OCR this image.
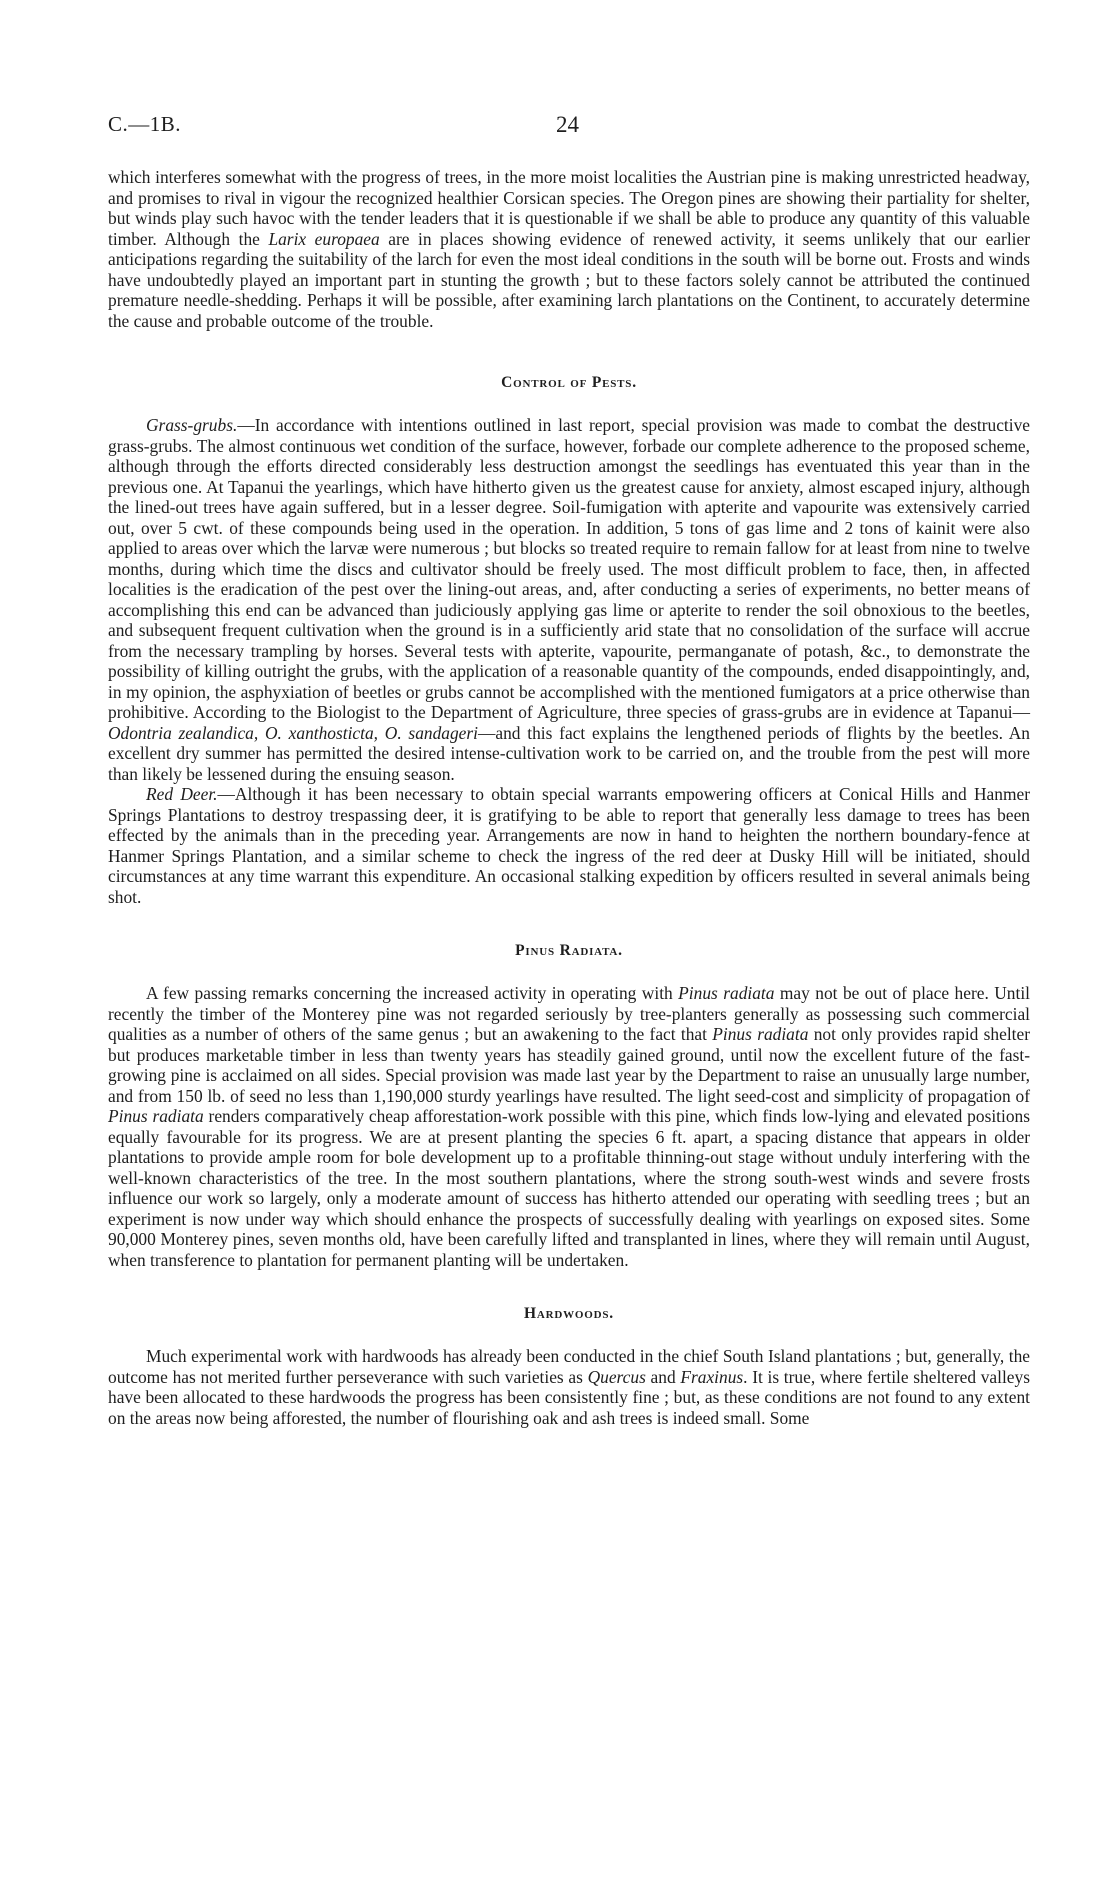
C.—1B.	24

which interferes somewhat with the progress of trees, in the more moist localities the Austrian pine is making unrestricted headway, and promises to rival in vigour the recognized healthier Corsican species. The Oregon pines are showing their partiality for shelter, but winds play such havoc with the tender leaders that it is questionable if we shall be able to produce any quantity of this valuable timber. Although the Larix europaea are in places showing evidence of renewed activity, it seems unlikely that our earlier anticipations regarding the suitability of the larch for even the most ideal conditions in the south will be borne out. Frosts and winds have undoubtedly played an important part in stunting the growth ; but to these factors solely cannot be attributed the continued premature needle-shedding. Perhaps it will be possible, after examining larch plantations on the Continent, to accurately determine the cause and probable outcome of the trouble.

Control of Pests.

Grass-grubs.—In accordance with intentions outlined in last report, special provision was made to combat the destructive grass-grubs. The almost continuous wet condition of the surface, however, forbade our complete adherence to the proposed scheme, although through the efforts directed considerably less destruction amongst the seedlings has eventuated this year than in the previous one. At Tapanui the yearlings, which have hitherto given us the greatest cause for anxiety, almost escaped injury, although the lined-out trees have again suffered, but in a lesser degree. Soil-fumigation with apterite and vapourite was extensively carried out, over 5 cwt. of these compounds being used in the operation. In addition, 5 tons of gas lime and 2 tons of kainit were also applied to areas over which the larvæ were numerous ; but blocks so treated require to remain fallow for at least from nine to twelve months, during which time the discs and cultivator should be freely used. The most difficult problem to face, then, in affected localities is the eradication of the pest over the lining-out areas, and, after conducting a series of experiments, no better means of accomplishing this end can be advanced than judiciously applying gas lime or apterite to render the soil obnoxious to the beetles, and subsequent frequent cultivation when the ground is in a sufficiently arid state that no consolidation of the surface will accrue from the necessary trampling by horses. Several tests with apterite, vapourite, permanganate of potash, &c., to demonstrate the possibility of killing outright the grubs, with the application of a reasonable quantity of the compounds, ended disappointingly, and, in my opinion, the asphyxiation of beetles or grubs cannot be accomplished with the mentioned fumigators at a price otherwise than prohibitive. According to the Biologist to the Department of Agriculture, three species of grass-grubs are in evidence at Tapanui—Odontria zealandica, O. xanthosticta, O. sandageri—and this fact explains the lengthened periods of flights by the beetles. An excellent dry summer has permitted the desired intense-cultivation work to be carried on, and the trouble from the pest will more than likely be lessened during the ensuing season.

Red Deer.—Although it has been necessary to obtain special warrants empowering officers at Conical Hills and Hanmer Springs Plantations to destroy trespassing deer, it is gratifying to be able to report that generally less damage to trees has been effected by the animals than in the preceding year. Arrangements are now in hand to heighten the northern boundary-fence at Hanmer Springs Plantation, and a similar scheme to check the ingress of the red deer at Dusky Hill will be initiated, should circumstances at any time warrant this expenditure. An occasional stalking expedition by officers resulted in several animals being shot.

Pinus Radiata.

A few passing remarks concerning the increased activity in operating with Pinus radiata may not be out of place here. Until recently the timber of the Monterey pine was not regarded seriously by tree-planters generally as possessing such commercial qualities as a number of others of the same genus ; but an awakening to the fact that Pinus radiata not only provides rapid shelter but produces marketable timber in less than twenty years has steadily gained ground, until now the excellent future of the fast-growing pine is acclaimed on all sides. Special provision was made last year by the Department to raise an unusually large number, and from 150 lb. of seed no less than 1,190,000 sturdy yearlings have resulted. The light seed-cost and simplicity of propagation of Pinus radiata renders comparatively cheap afforestation-work possible with this pine, which finds low-lying and elevated positions equally favourable for its progress. We are at present planting the species 6 ft. apart, a spacing distance that appears in older plantations to provide ample room for bole development up to a profitable thinning-out stage without unduly interfering with the well-known characteristics of the tree. In the most southern plantations, where the strong south-west winds and severe frosts influence our work so largely, only a moderate amount of success has hitherto attended our operating with seedling trees ; but an experiment is now under way which should enhance the prospects of successfully dealing with yearlings on exposed sites. Some 90,000 Monterey pines, seven months old, have been carefully lifted and transplanted in lines, where they will remain until August, when transference to plantation for permanent planting will be undertaken.

Hardwoods.

Much experimental work with hardwoods has already been conducted in the chief South Island plantations ; but, generally, the outcome has not merited further perseverance with such varieties as Quercus and Fraxinus. It is true, where fertile sheltered valleys have been allocated to these hardwoods the progress has been consistently fine ; but, as these conditions are not found to any extent on the areas now being afforested, the number of flourishing oak and ash trees is indeed small. Some
